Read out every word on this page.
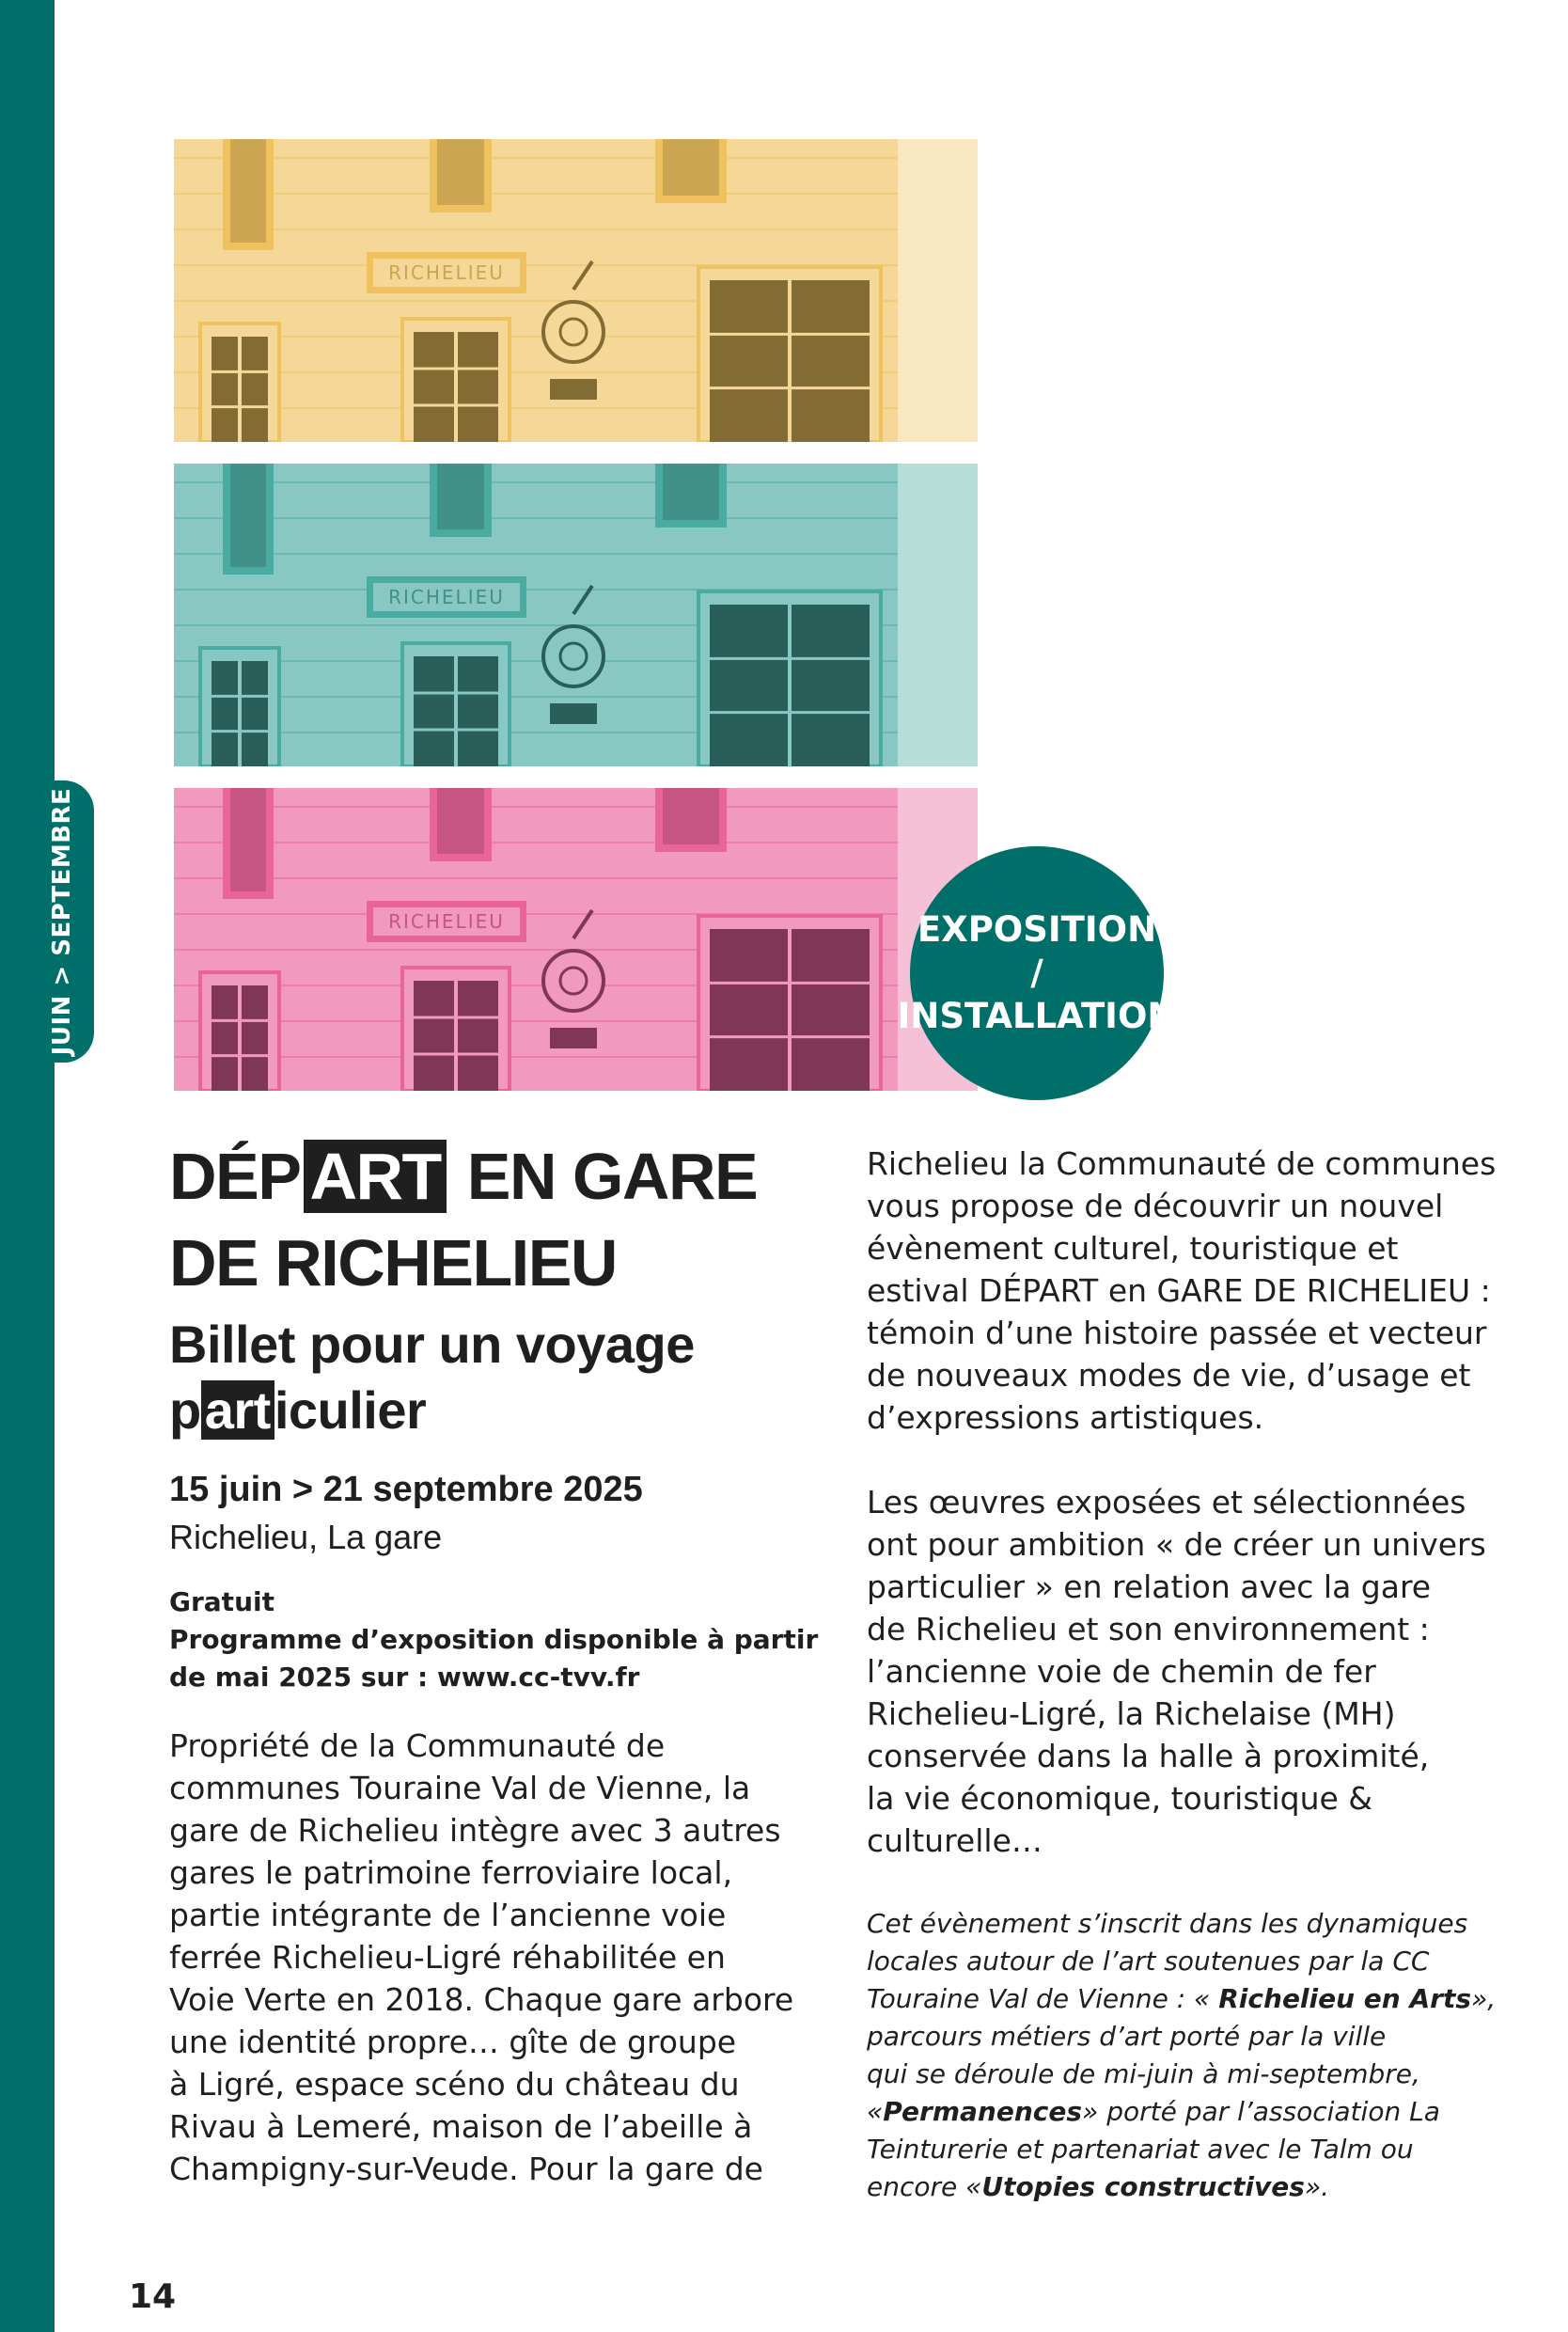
JUIN > SEPTEMBRE
RICHELIEU
RICHELIEU
RICHELIEU	EXPOSITION /
INSTALLATION
DÉP ART EN GARE
DE RICHELIEU
Billet pour un voyage
particulier
15 juin > 21 septembre 2025
Richelieu, La gare
Gratuit
Programme d’exposition disponible à partir
de mai 2025 sur : www.cc-tvv.fr
Propriété de la Communauté de
communes Touraine Val de Vienne, la
gare de Richelieu intègre avec 3 autres
gares le patrimoine ferroviaire local,
partie intégrante de l’ancienne voie
ferrée Richelieu-Ligré réhabilitée en
Voie Verte en 2018. Chaque gare arbore
une identité propre… gîte de groupe
à Ligré, espace scéno du château du
Rivau à Lemeré, maison de l’abeille à
Champigny-sur-Veude. Pour la gare de
Richelieu la Communauté de communes
vous propose de découvrir un nouvel
évènement culturel, touristique et
estival DÉPART en GARE DE RICHELIEU :
témoin d’une histoire passée et vecteur
de nouveaux modes de vie, d’usage et
d’expressions artistiques.
Les œuvres exposées et sélectionnées
ont pour ambition « de créer un univers
particulier » en relation avec la gare
de Richelieu et son environnement :
l’ancienne voie de chemin de fer
Richelieu-Ligré, la Richelaise (MH)
conservée dans la halle à proximité,
la vie économique, touristique &
culturelle…
Cet évènement s’inscrit dans les dynamiques
locales autour de l’art soutenues par la CC
Touraine Val de Vienne : « Richelieu en Arts»,
parcours métiers d’art porté par la ville
qui se déroule de mi-juin à mi-septembre,
«Permanences» porté par l’association La
Teinturerie et partenariat avec le Talm ou
encore «Utopies constructives».
14
